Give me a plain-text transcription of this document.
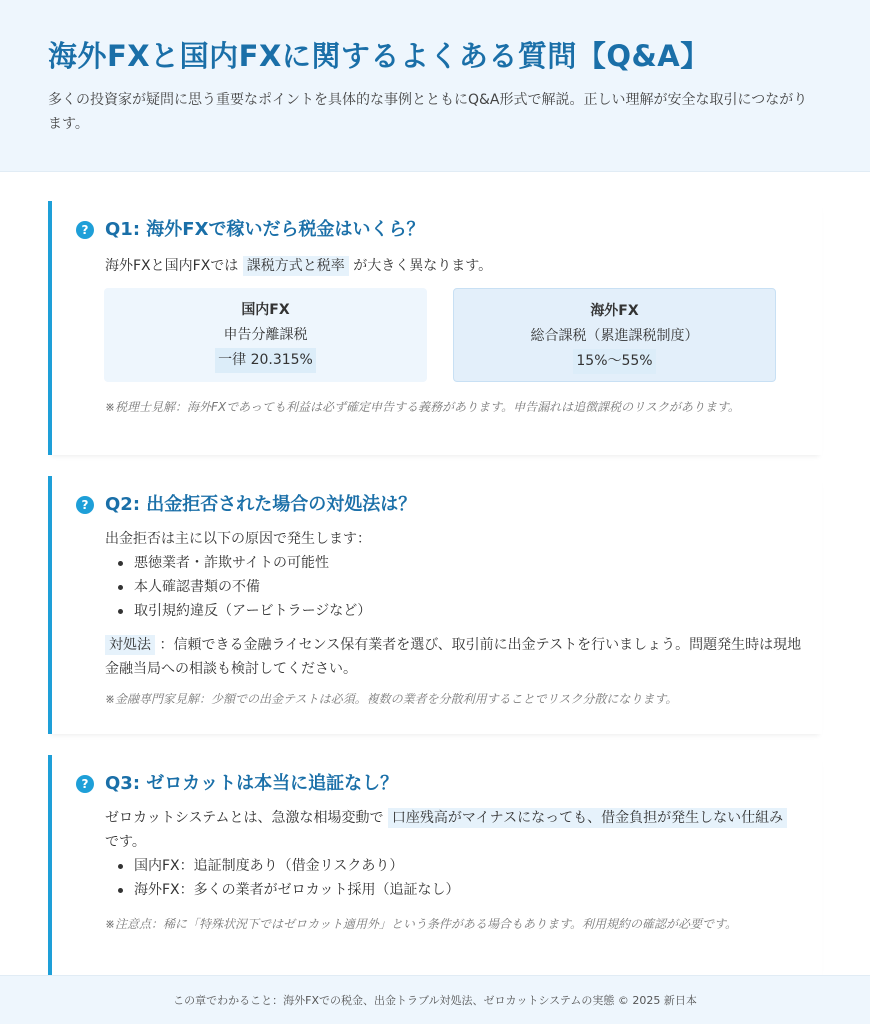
海外FXと国内FXに関するよくある質問【Q&A】

多くの投資家が疑問に思う重要なポイントを具体的な事例とともにQ&A形式で解説。正しい理解が安全な取引につながります。

? Q1: 海外FXで稼いだら税金はいくら？

海外FXと国内FXでは 課税方式と税率 が大きく異なります。

国内FX
申告分離課税
一律 20.315%
海外FX
総合課税（累進課税制度）
15%〜55%

※税理士見解：海外FXであっても利益は必ず確定申告する義務があります。申告漏れは追徴課税のリスクがあります。

? Q2: 出金拒否された場合の対処法は？

出金拒否は主に以下の原因で発生します：

悪徳業者・詐欺サイトの可能性
本人確認書類の不備
取引規約違反（アービトラージなど）

対処法 ：信頼できる金融ライセンス保有業者を選び、取引前に出金テストを行いましょう。問題発生時は現地金融当局への相談も検討してください。

※金融専門家見解：少額での出金テストは必須。複数の業者を分散利用することでリスク分散になります。

? Q3: ゼロカットは本当に追証なし？

ゼロカットシステムとは、急激な相場変動で 口座残高がマイナスになっても、借金負担が発生しない仕組み です。

国内FX：追証制度あり（借金リスクあり）
海外FX：多くの業者がゼロカット採用（追証なし）

※注意点：稀に「特殊状況下ではゼロカット適用外」という条件がある場合もあります。利用規約の確認が必要です。

この章でわかること：海外FXでの税金、出金トラブル対処法、ゼロカットシステムの実態 © 2025 新日本
